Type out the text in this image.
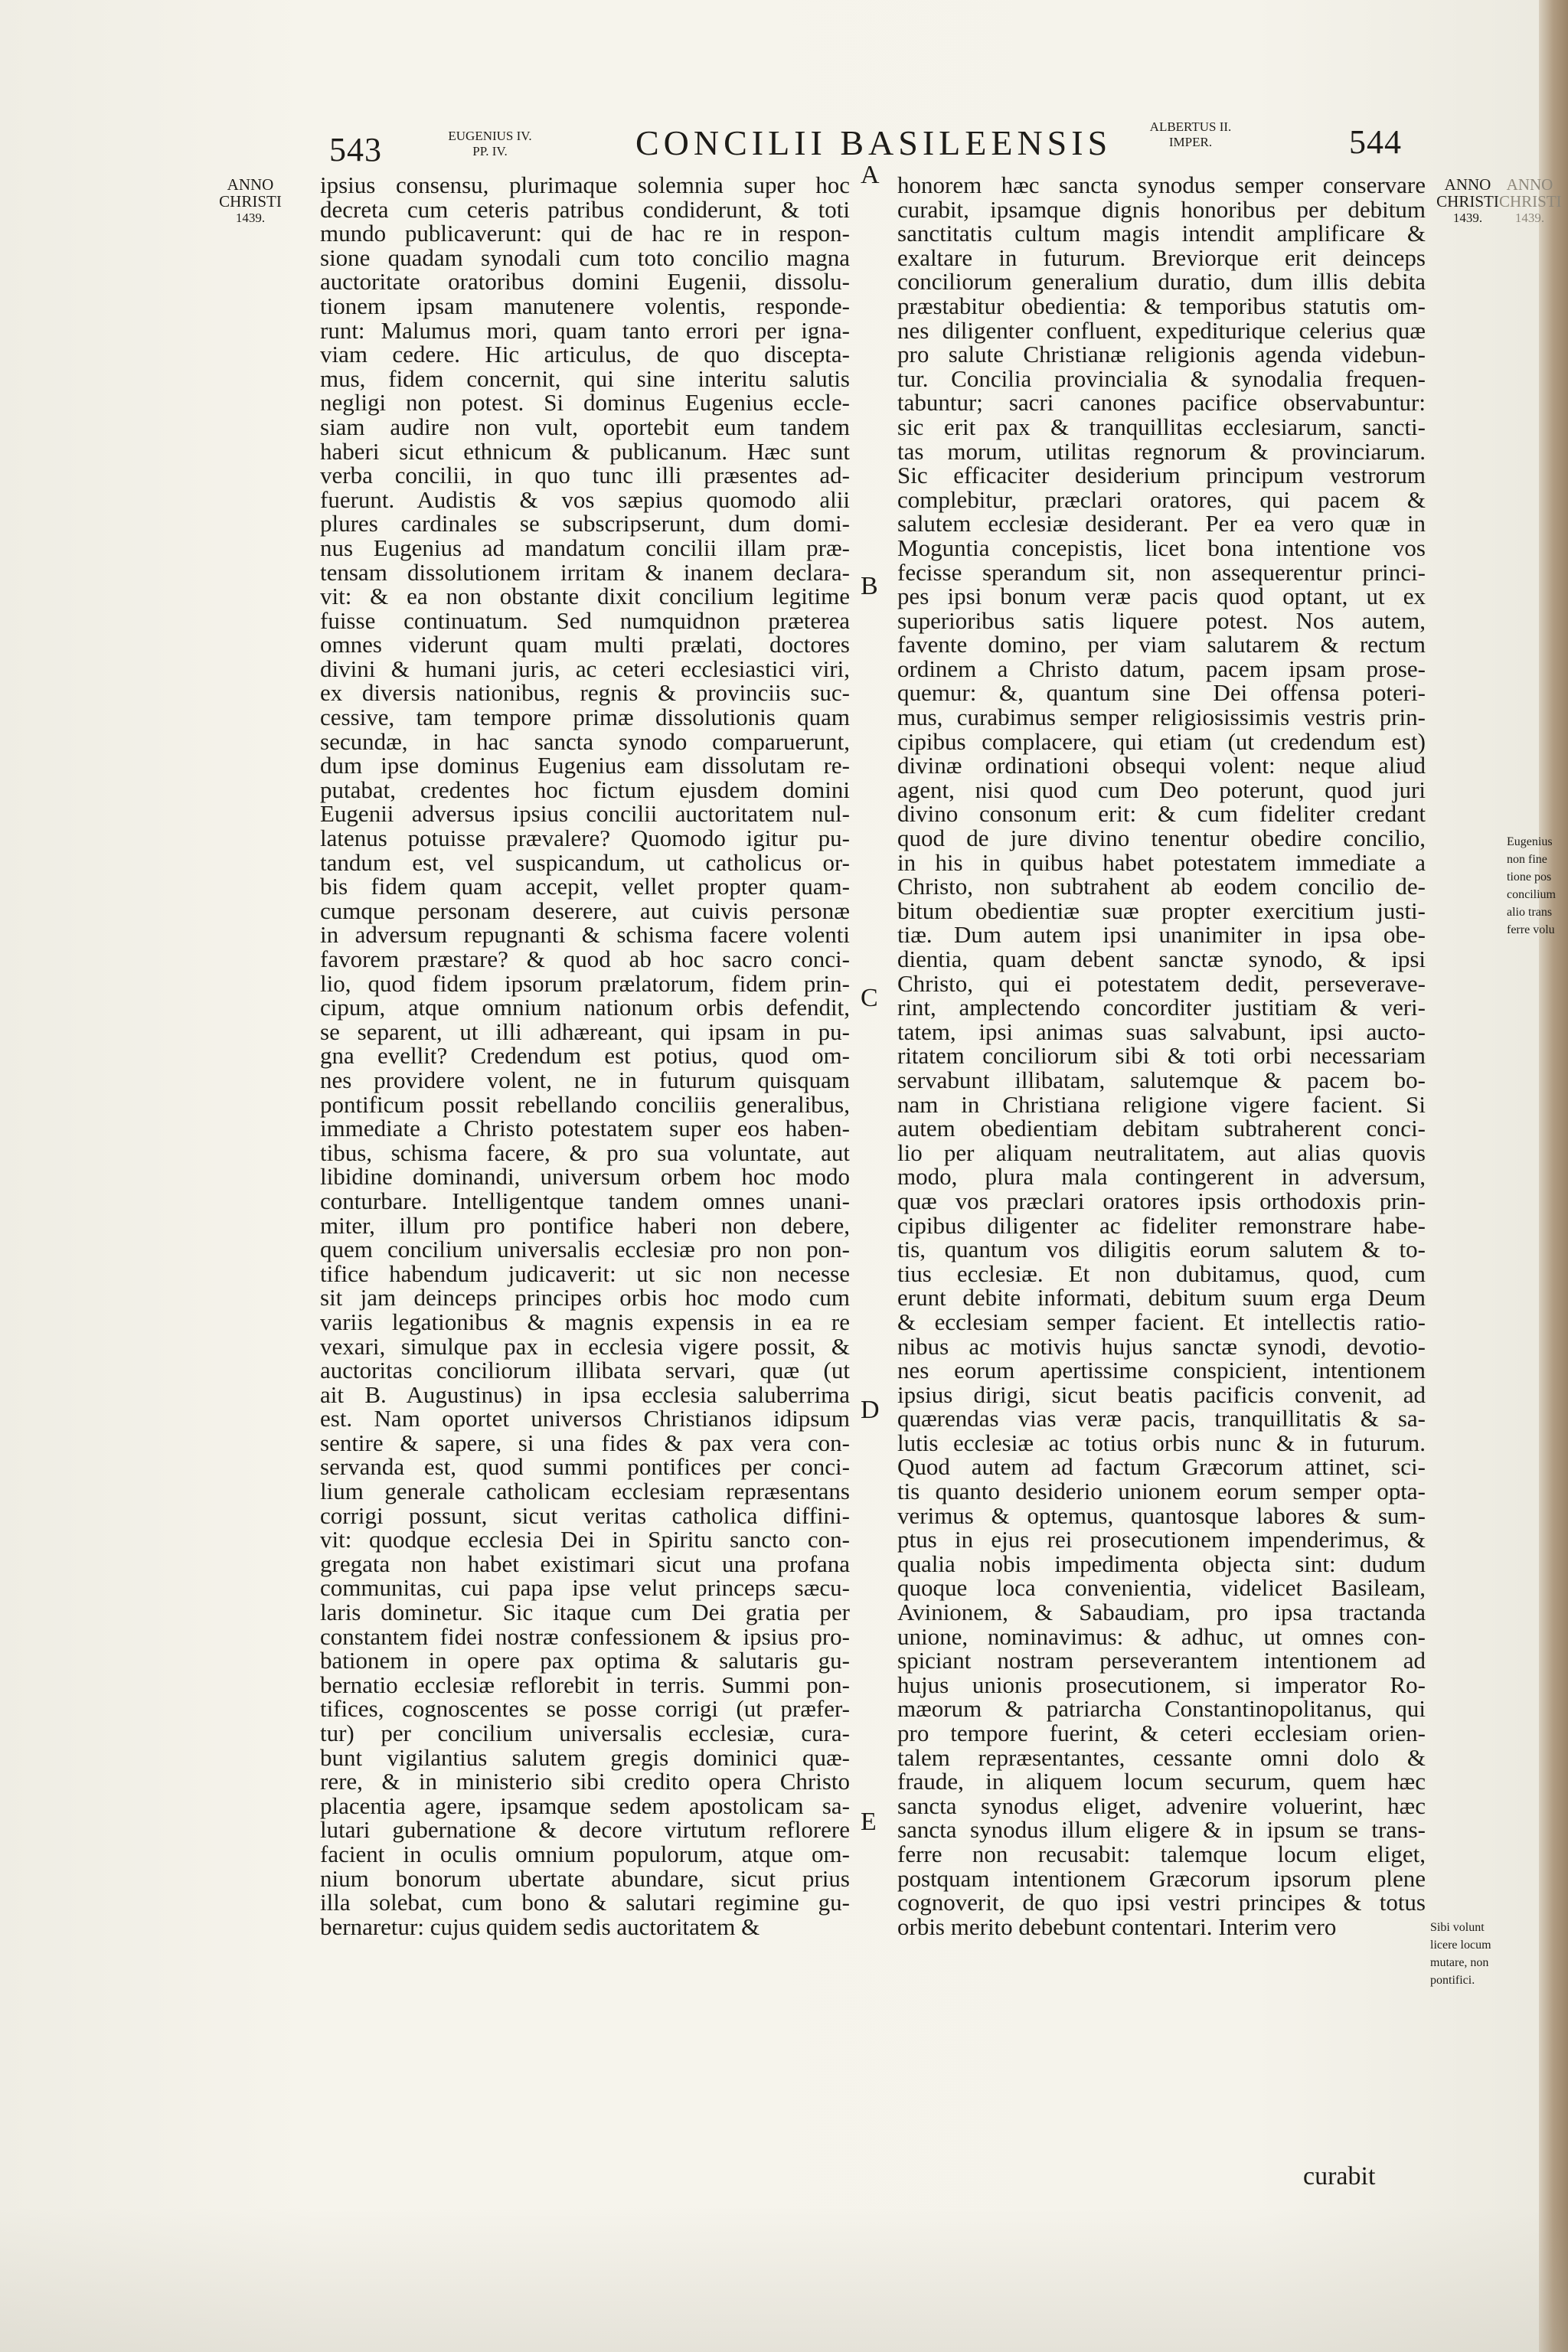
543	EUGENIUS IV.
PP. IV.	CONCILII BASILEENSIS	ALBERTUS II.
IMPER.	544
ANNO CHRISTI
1439.
ANNO CHRISTI
1439.
ANNO CHRISTI
1439.
Eugenius
non fine
tione pos
concilium
alio trans
ferre volu
Sibi volunt
licere locum
mutare, non
pontifici.
A
B
C
D
E
ipsius consensu, plurimaque solemnia super hoc
decreta cum ceteris patribus condiderunt, & toti
mundo publicaverunt: qui de hac re in respon-
sione quadam synodali cum toto concilio magna
auctoritate oratoribus domini Eugenii, dissolu-
tionem ipsam manutenere volentis, responde-
runt: Malumus mori, quam tanto errori per igna-
viam cedere. Hic articulus, de quo discepta-
mus, fidem concernit, qui sine interitu salutis
negligi non potest. Si dominus Eugenius eccle-
siam audire non vult, oportebit eum tandem
haberi sicut ethnicum & publicanum. Hæc sunt
verba concilii, in quo tunc illi præsentes ad-
fuerunt. Audistis & vos sæpius quomodo alii
plures cardinales se subscripserunt, dum domi-
nus Eugenius ad mandatum concilii illam præ-
tensam dissolutionem irritam & inanem declara-
vit: & ea non obstante dixit concilium legitime
fuisse continuatum. Sed numquidnon præterea
omnes viderunt quam multi prælati, doctores
divini & humani juris, ac ceteri ecclesiastici viri,
ex diversis nationibus, regnis & provinciis suc-
cessive, tam tempore primæ dissolutionis quam
secundæ, in hac sancta synodo comparuerunt,
dum ipse dominus Eugenius eam dissolutam re-
putabat, credentes hoc fictum ejusdem domini
Eugenii adversus ipsius concilii auctoritatem nul-
latenus potuisse prævalere? Quomodo igitur pu-
tandum est, vel suspicandum, ut catholicus or-
bis fidem quam accepit, vellet propter quam-
cumque personam deserere, aut cuivis personæ
in adversum repugnanti & schisma facere volenti
favorem præstare? & quod ab hoc sacro conci-
lio, quod fidem ipsorum prælatorum, fidem prin-
cipum, atque omnium nationum orbis defendit,
se separent, ut illi adhæreant, qui ipsam in pu-
gna evellit? Credendum est potius, quod om-
nes providere volent, ne in futurum quisquam
pontificum possit rebellando conciliis generalibus,
immediate a Christo potestatem super eos haben-
tibus, schisma facere, & pro sua voluntate, aut
libidine dominandi, universum orbem hoc modo
conturbare. Intelligentque tandem omnes unani-
miter, illum pro pontifice haberi non debere,
quem concilium universalis ecclesiæ pro non pon-
tifice habendum judicaverit: ut sic non necesse
sit jam deinceps principes orbis hoc modo cum
variis legationibus & magnis expensis in ea re
vexari, simulque pax in ecclesia vigere possit, &
auctoritas conciliorum illibata servari, quæ (ut
ait B. Augustinus) in ipsa ecclesia saluberrima
est. Nam oportet universos Christianos idipsum
sentire & sapere, si una fides & pax vera con-
servanda est, quod summi pontifices per conci-
lium generale catholicam ecclesiam repræsentans
corrigi possunt, sicut veritas catholica diffini-
vit: quodque ecclesia Dei in Spiritu sancto con-
gregata non habet existimari sicut una profana
communitas, cui papa ipse velut princeps sæcu-
laris dominetur. Sic itaque cum Dei gratia per
constantem fidei nostræ confessionem & ipsius pro-
bationem in opere pax optima & salutaris gu-
bernatio ecclesiæ reflorebit in terris. Summi pon-
tifices, cognoscentes se posse corrigi (ut præfer-
tur) per concilium universalis ecclesiæ, cura-
bunt vigilantius salutem gregis dominici quæ-
rere, & in ministerio sibi credito opera Christo
placentia agere, ipsamque sedem apostolicam sa-
lutari gubernatione & decore virtutum reflorere
facient in oculis omnium populorum, atque om-
nium bonorum ubertate abundare, sicut prius
illa solebat, cum bono & salutari regimine gu-
bernaretur: cujus quidem sedis auctoritatem &
honorem hæc sancta synodus semper conservare
curabit, ipsamque dignis honoribus per debitum
sanctitatis cultum magis intendit amplificare &
exaltare in futurum. Breviorque erit deinceps
conciliorum generalium duratio, dum illis debita
præstabitur obedientia: & temporibus statutis om-
nes diligenter confluent, expediturique celerius quæ
pro salute Christianæ religionis agenda videbun-
tur. Concilia provincialia & synodalia frequen-
tabuntur; sacri canones pacifice observabuntur:
sic erit pax & tranquillitas ecclesiarum, sancti-
tas morum, utilitas regnorum & provinciarum.
Sic efficaciter desiderium principum vestrorum
complebitur, præclari oratores, qui pacem &
salutem ecclesiæ desiderant. Per ea vero quæ in
Moguntia concepistis, licet bona intentione vos
fecisse sperandum sit, non assequerentur princi-
pes ipsi bonum veræ pacis quod optant, ut ex
superioribus satis liquere potest. Nos autem,
favente domino, per viam salutarem & rectum
ordinem a Christo datum, pacem ipsam prose-
quemur: &, quantum sine Dei offensa poteri-
mus, curabimus semper religiosissimis vestris prin-
cipibus complacere, qui etiam (ut credendum est)
divinæ ordinationi obsequi volent: neque aliud
agent, nisi quod cum Deo poterunt, quod juri
divino consonum erit: & cum fideliter credant
quod de jure divino tenentur obedire concilio,
in his in quibus habet potestatem immediate a
Christo, non subtrahent ab eodem concilio de-
bitum obedientiæ suæ propter exercitium justi-
tiæ. Dum autem ipsi unanimiter in ipsa obe-
dientia, quam debent sanctæ synodo, & ipsi
Christo, qui ei potestatem dedit, perseverave-
rint, amplectendo concorditer justitiam & veri-
tatem, ipsi animas suas salvabunt, ipsi aucto-
ritatem conciliorum sibi & toti orbi necessariam
servabunt illibatam, salutemque & pacem bo-
nam in Christiana religione vigere facient. Si
autem obedientiam debitam subtraherent conci-
lio per aliquam neutralitatem, aut alias quovis
modo, plura mala contingerent in adversum,
quæ vos præclari oratores ipsis orthodoxis prin-
cipibus diligenter ac fideliter remonstrare habe-
tis, quantum vos diligitis eorum salutem & to-
tius ecclesiæ. Et non dubitamus, quod, cum
erunt debite informati, debitum suum erga Deum
& ecclesiam semper facient. Et intellectis ratio-
nibus ac motivis hujus sanctæ synodi, devotio-
nes eorum apertissime conspicient, intentionem
ipsius dirigi, sicut beatis pacificis convenit, ad
quærendas vias veræ pacis, tranquillitatis & sa-
lutis ecclesiæ ac totius orbis nunc & in futurum.
Quod autem ad factum Græcorum attinet, sci-
tis quanto desiderio unionem eorum semper opta-
verimus & optemus, quantosque labores & sum-
ptus in ejus rei prosecutionem impenderimus, &
qualia nobis impedimenta objecta sint: dudum
quoque loca convenientia, videlicet Basileam,
Avinionem, & Sabaudiam, pro ipsa tractanda
unione, nominavimus: & adhuc, ut omnes con-
spiciant nostram perseverantem intentionem ad
hujus unionis prosecutionem, si imperator Ro-
mæorum & patriarcha Constantinopolitanus, qui
pro tempore fuerint, & ceteri ecclesiam orien-
talem repræsentantes, cessante omni dolo &
fraude, in aliquem locum securum, quem hæc
sancta synodus eliget, advenire voluerint, hæc
sancta synodus illum eligere & in ipsum se trans-
ferre non recusabit: talemque locum eliget,
postquam intentionem Græcorum ipsorum plene
cognoverit, de quo ipsi vestri principes & totus
orbis merito debebunt contentari. Interim vero
curabit
